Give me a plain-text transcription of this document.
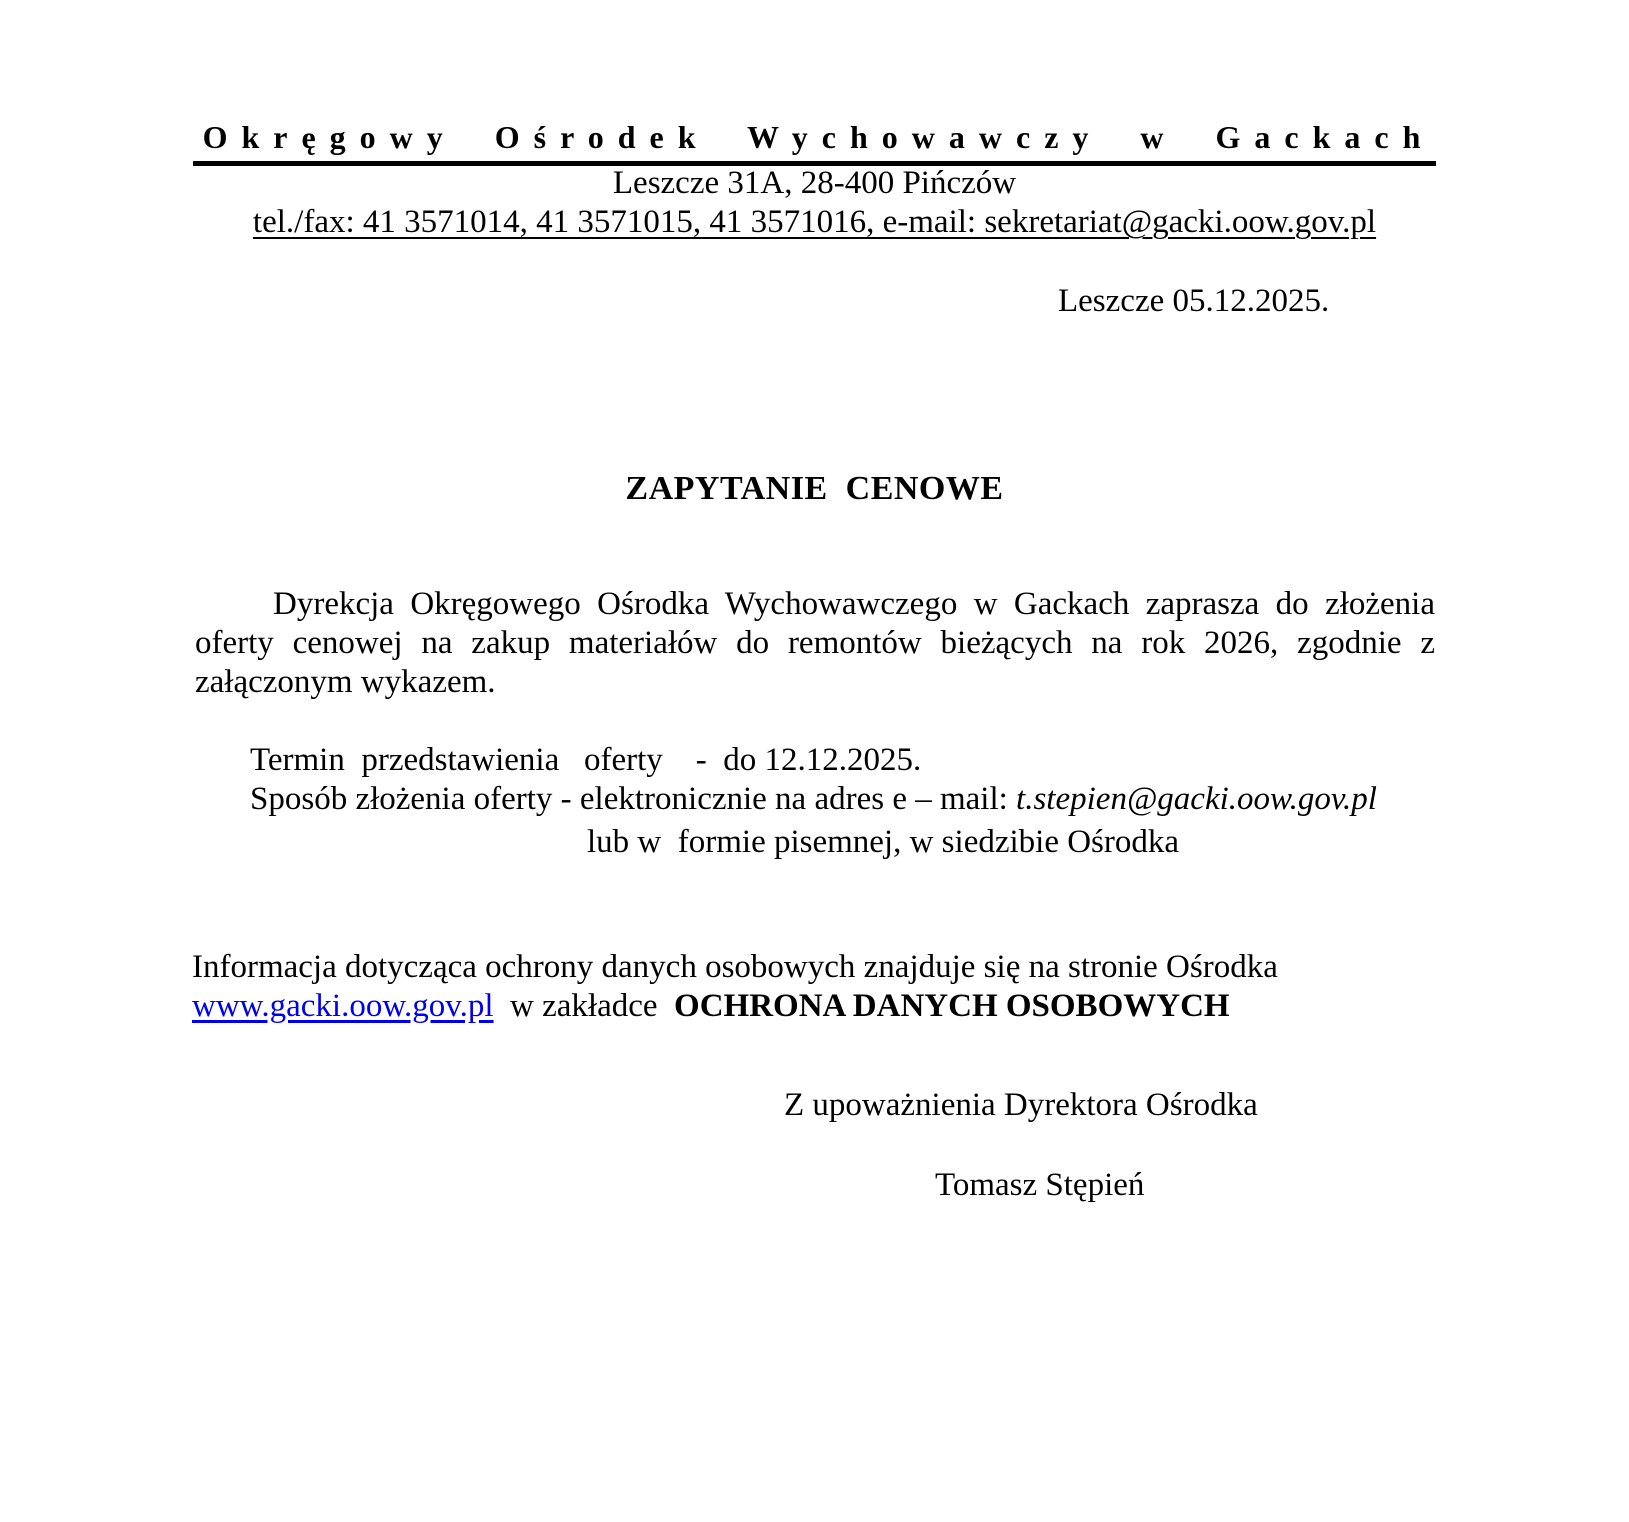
Okręgowy Ośrodek Wychowawczy w Gackach
Leszcze 31A, 28-400 Pińczów
tel./fax: 41 3571014, 41 3571015, 41 3571016, e-mail: sekretariat@gacki.oow.gov.pl
Leszcze 05.12.2025.
ZAPYTANIE  CENOWE
Dyrekcja Okręgowego Ośrodka Wychowawczego w Gackach zaprasza do złożenia
oferty cenowej na zakup materiałów do remontów bieżących na rok 2026, zgodnie z
załączonym wykazem.
Termin  przedstawienia   oferty    -  do 12.12.2025.
Sposób złożenia oferty - elektronicznie na adres e – mail: t.stepien@gacki.oow.gov.pl
lub w  formie pisemnej, w siedzibie Ośrodka
Informacja dotycząca ochrony danych osobowych znajduje się na stronie Ośrodka
www.gacki.oow.gov.pl  w zakładce  OCHRONA DANYCH OSOBOWYCH
Z upoważnienia Dyrektora Ośrodka
Tomasz Stępień
